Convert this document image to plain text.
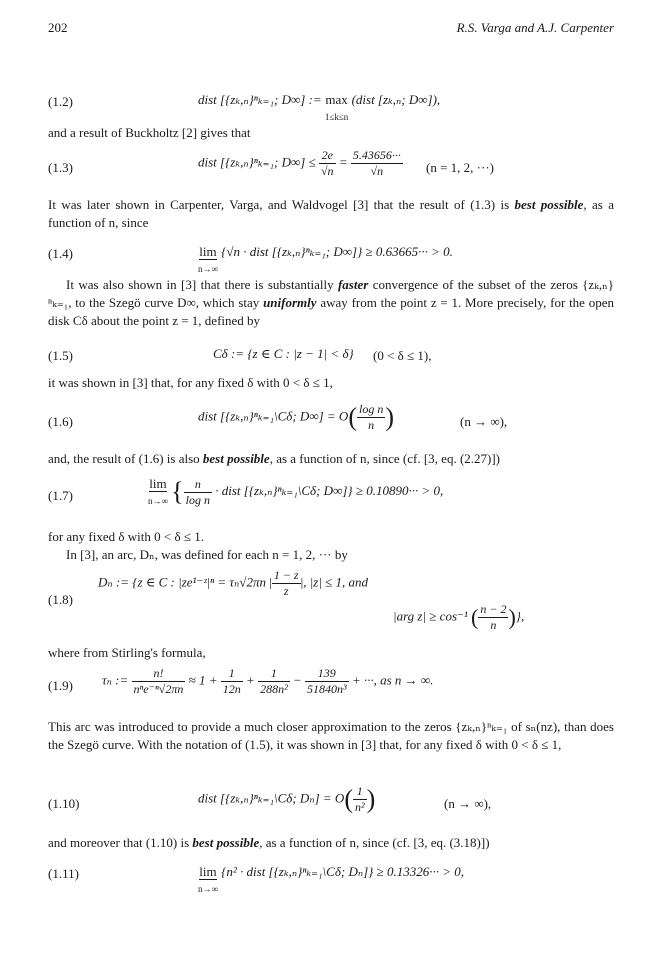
202	R.S. Varga and A.J. Carpenter
(1.2)	dist [{zₖ,ₙ}ⁿₖ₌₁; D∞] := max
1≤k≤n (dist [zₖ,ₙ; D∞]),
and a result of Buckholtz [2] gives that
(1.3)	dist [{zₖ,ₙ}ⁿₖ₌₁; $D\infty] \le \frac{2e}{√n} = \frac{5.43656\cdot\cdot\cdot}{√n} (n = 1$, 2, ···)
It was later shown in Carpenter, Varga, and Waldvogel [3] that the result of (1.3) is best possible, as a function of n, since
(1.4)	lim
n→∞ {√n · dist [{zₖ,ₙ}ⁿₖ₌₁; D∞]} ≥ 0.63665··· > 0.
It was also shown in [3] that there is substantially faster convergence of the subset of the zeros {zₖ,ₙ}ⁿₖ₌₁, to the Szegö curve D∞, which stay uniformly away from the point z = 1. More precisely, for the open disk Cδ about the point z = 1, defined by
(1.5)	Cδ := {z ∈ C : |z − 1| < δ} (0 < δ ≤ 1),
it was shown in [3] that, for any fixed δ with 0 < δ ≤ 1,
(1.6)	dist [{zₖ,ₙ}ⁿₖ₌₁\Cδ; $D\infty] = O( \frac{\text{log n}}{n}$ )	(n → ∞),
and, the result of (1.6) is also best possible, as a function of n, since (cf. [3, eq. (2.27)])
(1.7)
lim
n→∞ { $\frac{n}{\text{log n}}$ · dist [{zₖ,ₙ}ⁿₖ₌₁\Cδ; D∞]} ≥ 0.10890··· > 0,
for any fixed δ with 0 < δ ≤ 1.
In [3], an arc, Dₙ, was defined for each n = 1, 2, ··· by
(1.8)
Dₙ := {z ∈ C : |ze¹⁻ᶻ|ⁿ = τₙ√2πn | $\frac{1 - z}{z}$ |, |z| ≤ 1, and
|arg z| ≥ cos⁻¹ ( $\frac{n - 2}{n}$ )},
where from Stirling's formula,
(1.9) τₙ := $\frac{n!}{\text{nⁿe⁻ⁿ√2πn}} \approx 1 + \frac{1}{12n} + \frac{1}{\text{288n²}} - \frac{139}{\text{51840n³}}$ + ···, as n → ∞.
This arc was introduced to provide a much closer approximation to the zeros {zₖ,ₙ}ⁿₖ₌₁ of sₙ(nz), than does the Szegö curve. With the notation of (1.5), it was shown in [3] that, for any fixed δ with 0 < δ ≤ 1,
(1.10)	dist [{zₖ,ₙ}ⁿₖ₌₁\Cδ; $D_n] = O( \frac{1}{\text{n²}}$ )	(n → ∞),
and moreover that (1.10) is best possible, as a function of n, since (cf. [3, eq. (3.18)])
(1.11)	lim
n→∞ {n² · dist [{zₖ,ₙ}ⁿₖ₌₁\Cδ; Dₙ]} ≥ 0.13326··· > 0,
